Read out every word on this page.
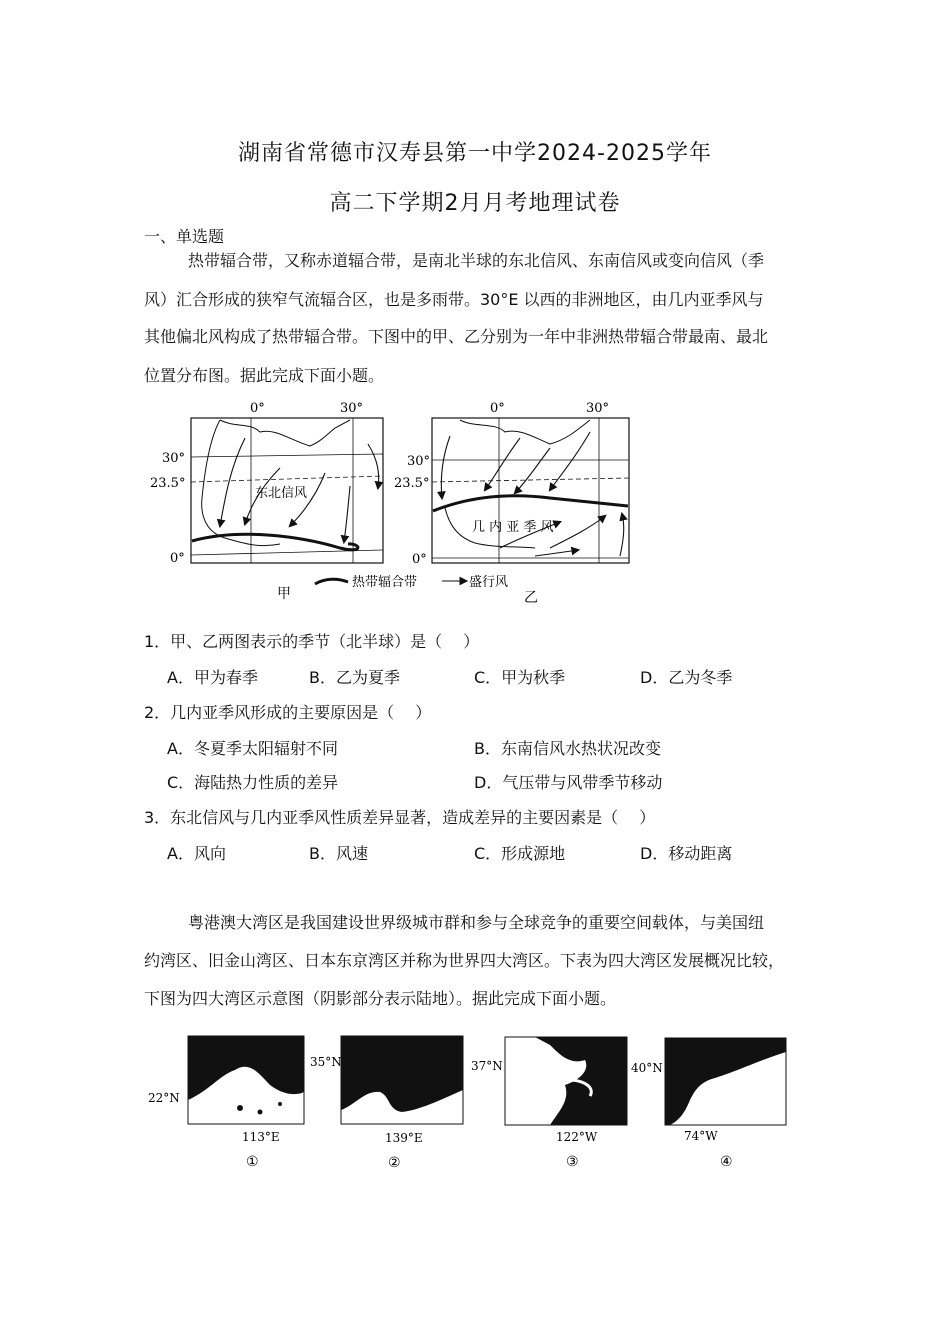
湖南省常德市汉寿县第一中学2024-2025学年
高二下学期2月月考地理试卷
一、单选题
热带辐合带，又称赤道辐合带，是南北半球的东北信风、东南信风或变向信风（季
风）汇合形成的狭窄气流辐合区，也是多雨带。30°E 以西的非洲地区，由几内亚季风与
其他偏北风构成了热带辐合带。下图中的甲、乙分别为一年中非洲热带辐合带最南、最北
位置分布图。据此完成下面小题。
0°	30°
30°
23.5°
0°
东北信风
甲
0°	30°
30°
23.5°
0°
几 内 亚 季 风
乙
热带辐合带	盛行风
1．甲、乙两图表示的季节（北半球）是（　 ）
A．甲为春季	B．乙为夏季	C．甲为秋季	D．乙为冬季
2．几内亚季风形成的主要原因是（　 ）
A．冬夏季太阳辐射不同	B．东南信风水热状况改变
C．海陆热力性质的差异	D．气压带与风带季节移动
3．东北信风与几内亚季风性质差异显著，造成差异的主要因素是（　 ）
A．风向	B．风速	C．形成源地	D．移动距离
粤港澳大湾区是我国建设世界级城市群和参与全球竞争的重要空间载体，与美国纽
约湾区、旧金山湾区、日本东京湾区并称为世界四大湾区。下表为四大湾区发展概况比较，
下图为四大湾区示意图（阴影部分表示陆地）。据此完成下面小题。
22°N
113°E
①
35°N
139°E
②
37°N
122°W
③
40°N
74°W
④
